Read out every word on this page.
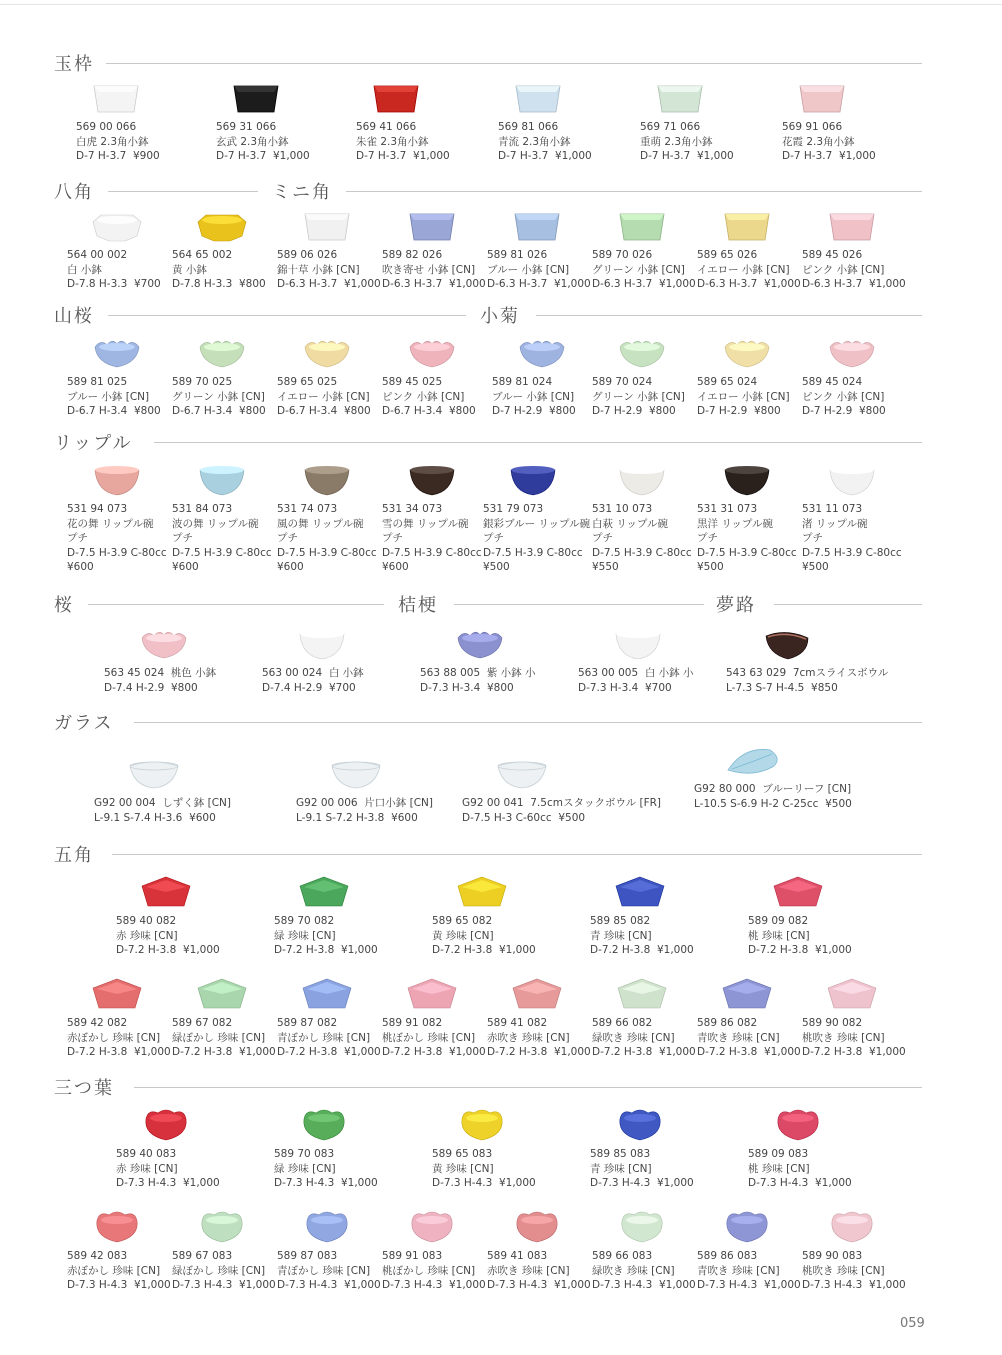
玉枠
八角	ミニ角
山桜	小菊
リップル
桜	桔梗	夢路
ガラス
五角
三つ葉
569 00 066
白虎 2.3角小鉢
D-7 H-3.7 ¥900
569 31 066
玄武 2.3角小鉢
D-7 H-3.7 ¥1,000
569 41 066
朱雀 2.3角小鉢
D-7 H-3.7 ¥1,000
569 81 066
青流 2.3角小鉢
D-7 H-3.7 ¥1,000
569 71 066
重萌 2.3角小鉢
D-7 H-3.7 ¥1,000
569 91 066
花霞 2.3角小鉢
D-7 H-3.7 ¥1,000
564 00 002
白 小鉢
D-7.8 H-3.3 ¥700
564 65 002
黄 小鉢
D-7.8 H-3.3 ¥800
589 06 026
錦十草 小鉢 [CN]
D-6.3 H-3.7 ¥1,000
589 82 026
吹き寄せ 小鉢 [CN]
D-6.3 H-3.7 ¥1,000
589 81 026
ブルー 小鉢 [CN]
D-6.3 H-3.7 ¥1,000
589 70 026
グリーン 小鉢 [CN]
D-6.3 H-3.7 ¥1,000
589 65 026
イエロー 小鉢 [CN]
D-6.3 H-3.7 ¥1,000
589 45 026
ピンク 小鉢 [CN]
D-6.3 H-3.7 ¥1,000
589 81 025
ブルー 小鉢 [CN]
D-6.7 H-3.4 ¥800
589 70 025
グリーン 小鉢 [CN]
D-6.7 H-3.4 ¥800
589 65 025
イエロー 小鉢 [CN]
D-6.7 H-3.4 ¥800
589 45 025
ピンク 小鉢 [CN]
D-6.7 H-3.4 ¥800
589 81 024
ブルー 小鉢 [CN]
D-7 H-2.9 ¥800
589 70 024
グリーン 小鉢 [CN]
D-7 H-2.9 ¥800
589 65 024
イエロー 小鉢 [CN]
D-7 H-2.9 ¥800
589 45 024
ピンク 小鉢 [CN]
D-7 H-2.9 ¥800
531 94 073
花の舞 リップル碗
プチ
D-7.5 H-3.9 C-80cc
¥600
531 84 073
波の舞 リップル碗
プチ
D-7.5 H-3.9 C-80cc
¥600
531 74 073
風の舞 リップル碗
プチ
D-7.5 H-3.9 C-80cc
¥600
531 34 073
雪の舞 リップル碗
プチ
D-7.5 H-3.9 C-80cc
¥600
531 79 073
銀彩ブルー リップル碗
プチ
D-7.5 H-3.9 C-80cc
¥500
531 10 073
白萩 リップル碗
プチ
D-7.5 H-3.9 C-80cc
¥550
531 31 073
黒洋 リップル碗
プチ
D-7.5 H-3.9 C-80cc
¥500
531 11 073
渚 リップル碗
プチ
D-7.5 H-3.9 C-80cc
¥500
563 45 024 桃色 小鉢
D-7.4 H-2.9 ¥800
563 00 024 白 小鉢
D-7.4 H-2.9 ¥700
563 88 005 紫 小鉢 小
D-7.3 H-3.4 ¥800
563 00 005 白 小鉢 小
D-7.3 H-3.4 ¥700
543 63 029 7cmスライスボウル
L-7.3 S-7 H-4.5 ¥850
G92 00 004 しずく鉢 [CN]
L-9.1 S-7.4 H-3.6 ¥600
G92 00 006 片口小鉢 [CN]
L-9.1 S-7.2 H-3.8 ¥600
G92 00 041 7.5cmスタックボウル [FR]
D-7.5 H-3 C-60cc ¥500
G92 80 000 ブルーリーフ [CN]
L-10.5 S-6.9 H-2 C-25cc ¥500
589 40 082
赤 珍味 [CN]
D-7.2 H-3.8 ¥1,000
589 70 082
緑 珍味 [CN]
D-7.2 H-3.8 ¥1,000
589 65 082
黄 珍味 [CN]
D-7.2 H-3.8 ¥1,000
589 85 082
青 珍味 [CN]
D-7.2 H-3.8 ¥1,000
589 09 082
桃 珍味 [CN]
D-7.2 H-3.8 ¥1,000
589 42 082
赤ぼかし 珍味 [CN]
D-7.2 H-3.8 ¥1,000
589 67 082
緑ぼかし 珍味 [CN]
D-7.2 H-3.8 ¥1,000
589 87 082
青ぼかし 珍味 [CN]
D-7.2 H-3.8 ¥1,000
589 91 082
桃ぼかし 珍味 [CN]
D-7.2 H-3.8 ¥1,000
589 41 082
赤吹き 珍味 [CN]
D-7.2 H-3.8 ¥1,000
589 66 082
緑吹き 珍味 [CN]
D-7.2 H-3.8 ¥1,000
589 86 082
青吹き 珍味 [CN]
D-7.2 H-3.8 ¥1,000
589 90 082
桃吹き 珍味 [CN]
D-7.2 H-3.8 ¥1,000
589 40 083
赤 珍味 [CN]
D-7.3 H-4.3 ¥1,000
589 70 083
緑 珍味 [CN]
D-7.3 H-4.3 ¥1,000
589 65 083
黄 珍味 [CN]
D-7.3 H-4.3 ¥1,000
589 85 083
青 珍味 [CN]
D-7.3 H-4.3 ¥1,000
589 09 083
桃 珍味 [CN]
D-7.3 H-4.3 ¥1,000
589 42 083
赤ぼかし 珍味 [CN]
D-7.3 H-4.3 ¥1,000
589 67 083
緑ぼかし 珍味 [CN]
D-7.3 H-4.3 ¥1,000
589 87 083
青ぼかし 珍味 [CN]
D-7.3 H-4.3 ¥1,000
589 91 083
桃ぼかし 珍味 [CN]
D-7.3 H-4.3 ¥1,000
589 41 083
赤吹き 珍味 [CN]
D-7.3 H-4.3 ¥1,000
589 66 083
緑吹き 珍味 [CN]
D-7.3 H-4.3 ¥1,000
589 86 083
青吹き 珍味 [CN]
D-7.3 H-4.3 ¥1,000
589 90 083
桃吹き 珍味 [CN]
D-7.3 H-4.3 ¥1,000
059
